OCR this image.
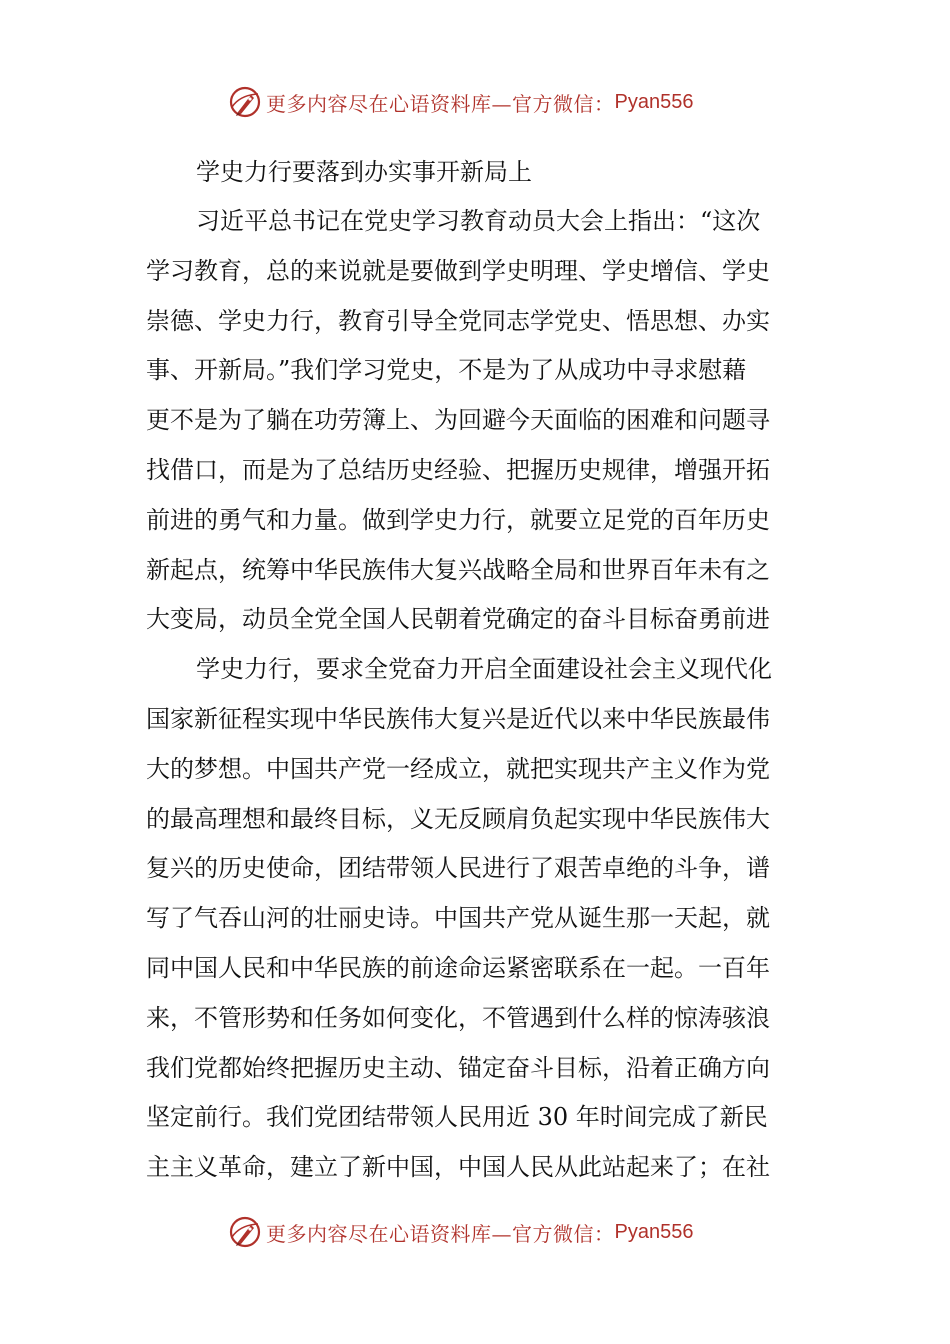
更多内容尽在心语资料库—官方微信： Pyan556
学史力行要落到办实事开新局上

习近平总书记在党史学习教育动员大会上指出：“这次
学习教育，总的来说就是要做到学史明理、学史增信、学史
崇德、学史力行，教育引导全党同志学党史、悟思想、办实
事、开新局。”我们学习党史，不是为了从成功中寻求慰藉
更不是为了躺在功劳簿上、为回避今天面临的困难和问题寻
找借口，而是为了总结历史经验、把握历史规律，增强开拓
前进的勇气和力量。做到学史力行，就要立足党的百年历史
新起点，统筹中华民族伟大复兴战略全局和世界百年未有之
大变局，动员全党全国人民朝着党确定的奋斗目标奋勇前进

学史力行，要求全党奋力开启全面建设社会主义现代化
国家新征程实现中华民族伟大复兴是近代以来中华民族最伟
大的梦想。中国共产党一经成立，就把实现共产主义作为党
的最高理想和最终目标，义无反顾肩负起实现中华民族伟大
复兴的历史使命，团结带领人民进行了艰苦卓绝的斗争，谱
写了气吞山河的壮丽史诗。中国共产党从诞生那一天起，就
同中国人民和中华民族的前途命运紧密联系在一起。一百年
来，不管形势和任务如何变化，不管遇到什么样的惊涛骇浪
我们党都始终把握历史主动、锚定奋斗目标，沿着正确方向
坚定前行。我们党团结带领人民用近 30 年时间完成了新民
主主义革命，建立了新中国，中国人民从此站起来了；在社

更多内容尽在心语资料库—官方微信： Pyan556
